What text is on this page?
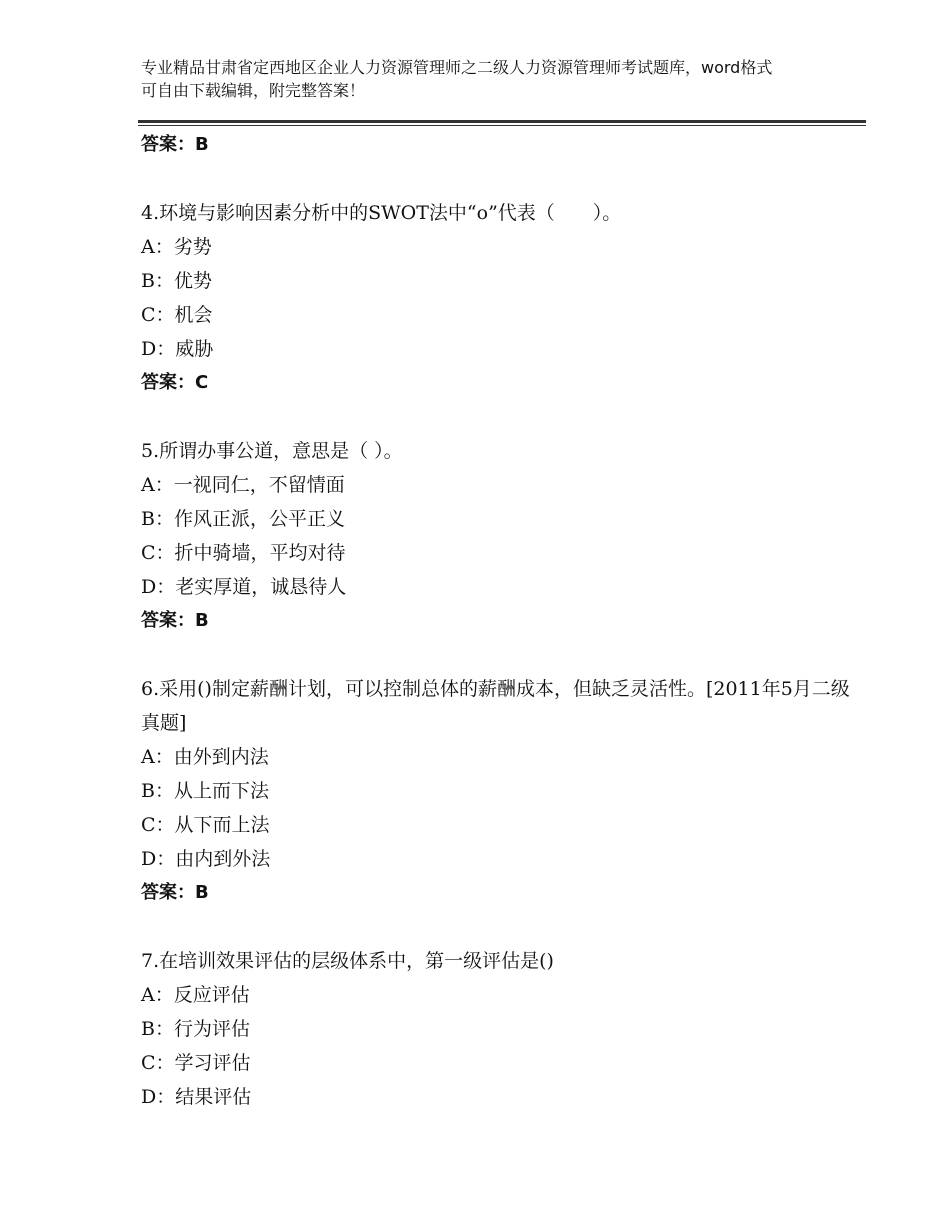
专业精品甘肃省定西地区企业人力资源管理师之二级人力资源管理师考试题库，word格式可自由下载编辑，附完整答案！
答案：B
4.环境与影响因素分析中的SWOT法中“o”代表（　　）。
A：劣势
B：优势
C：机会
D：威胁
答案：C
5.所谓办事公道，意思是（ ）。
A：一视同仁，不留情面
B：作风正派，公平正义
C：折中骑墙，平均对待
D：老实厚道，诚恳待人
答案：B
6.采用()制定薪酬计划，可以控制总体的薪酬成本，但缺乏灵活性。[2011年5月二级真题]
A：由外到内法
B：从上而下法
C：从下而上法
D：由内到外法
答案：B
7.在培训效果评估的层级体系中，第一级评估是()
A：反应评估
B：行为评估
C：学习评估
D：结果评估
